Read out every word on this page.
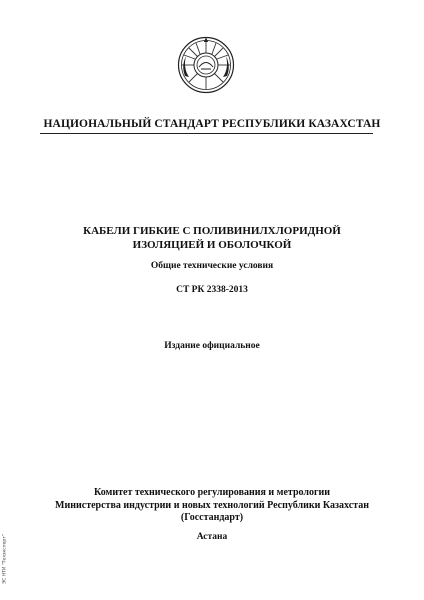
НАЦИОНАЛЬНЫЙ СТАНДАРТ РЕСПУБЛИКИ КАЗАХСТАН
КАБЕЛИ ГИБКИЕ С ПОЛИВИНИЛХЛОРИДНОЙ
ИЗОЛЯЦИЕЙ И ОБОЛОЧКОЙ
Общие технические условия
СТ РК 2338-2013
Издание официальное
Комитет технического регулирования и метрологии
Министерства индустрии и новых технологий Республики Казахстан
(Госстандарт)
Астана
ЭС НТИ "Техэксперт"
